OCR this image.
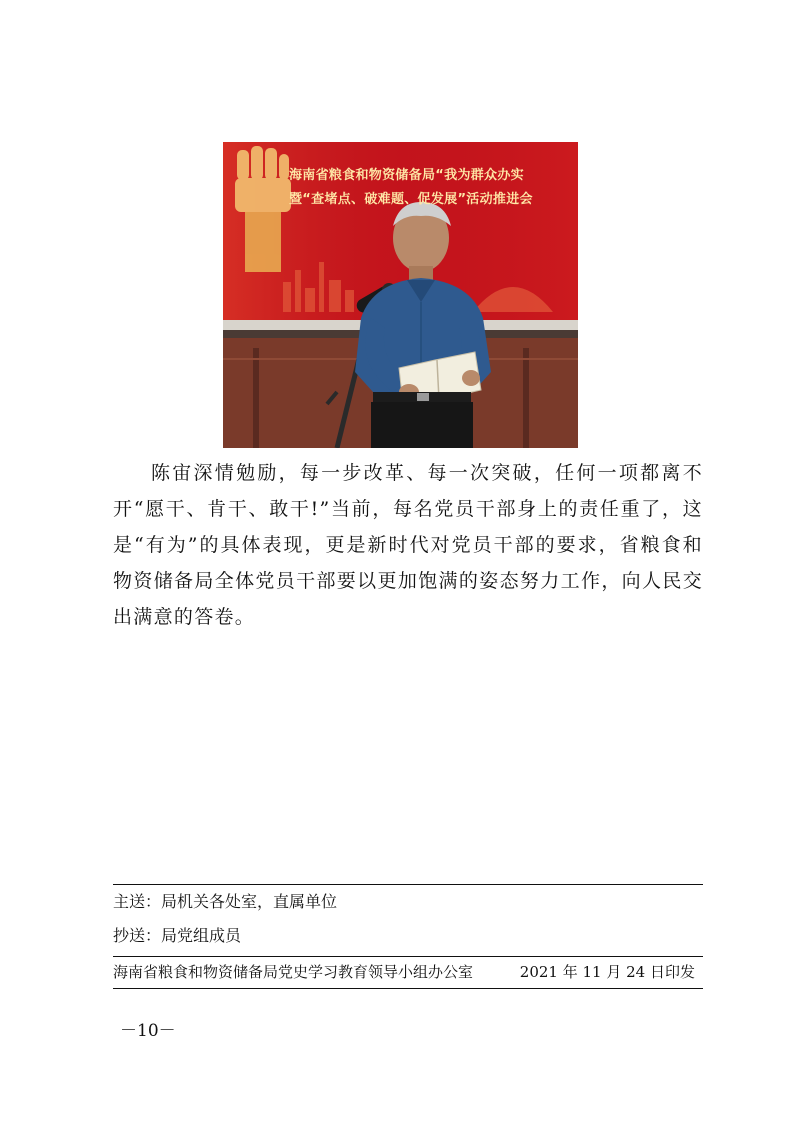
海南省粮食和物资储备局“我为群众办实
暨“查堵点、破难题、促发展”活动推进会

陈宙深情勉励，每一步改革、每一次突破，任何一项都离不开“愿干、肯干、敢干!”当前，每名党员干部身上的责任重了，这是“有为”的具体表现，更是新时代对党员干部的要求，省粮食和物资储备局全体党员干部要以更加饱满的姿态努力工作，向人民交出满意的答卷。

主送：局机关各处室，直属单位
抄送：局党组成员
海南省粮食和物资储备局党史学习教育领导小组办公室	2021 年 11 月 24 日印发
－10－
